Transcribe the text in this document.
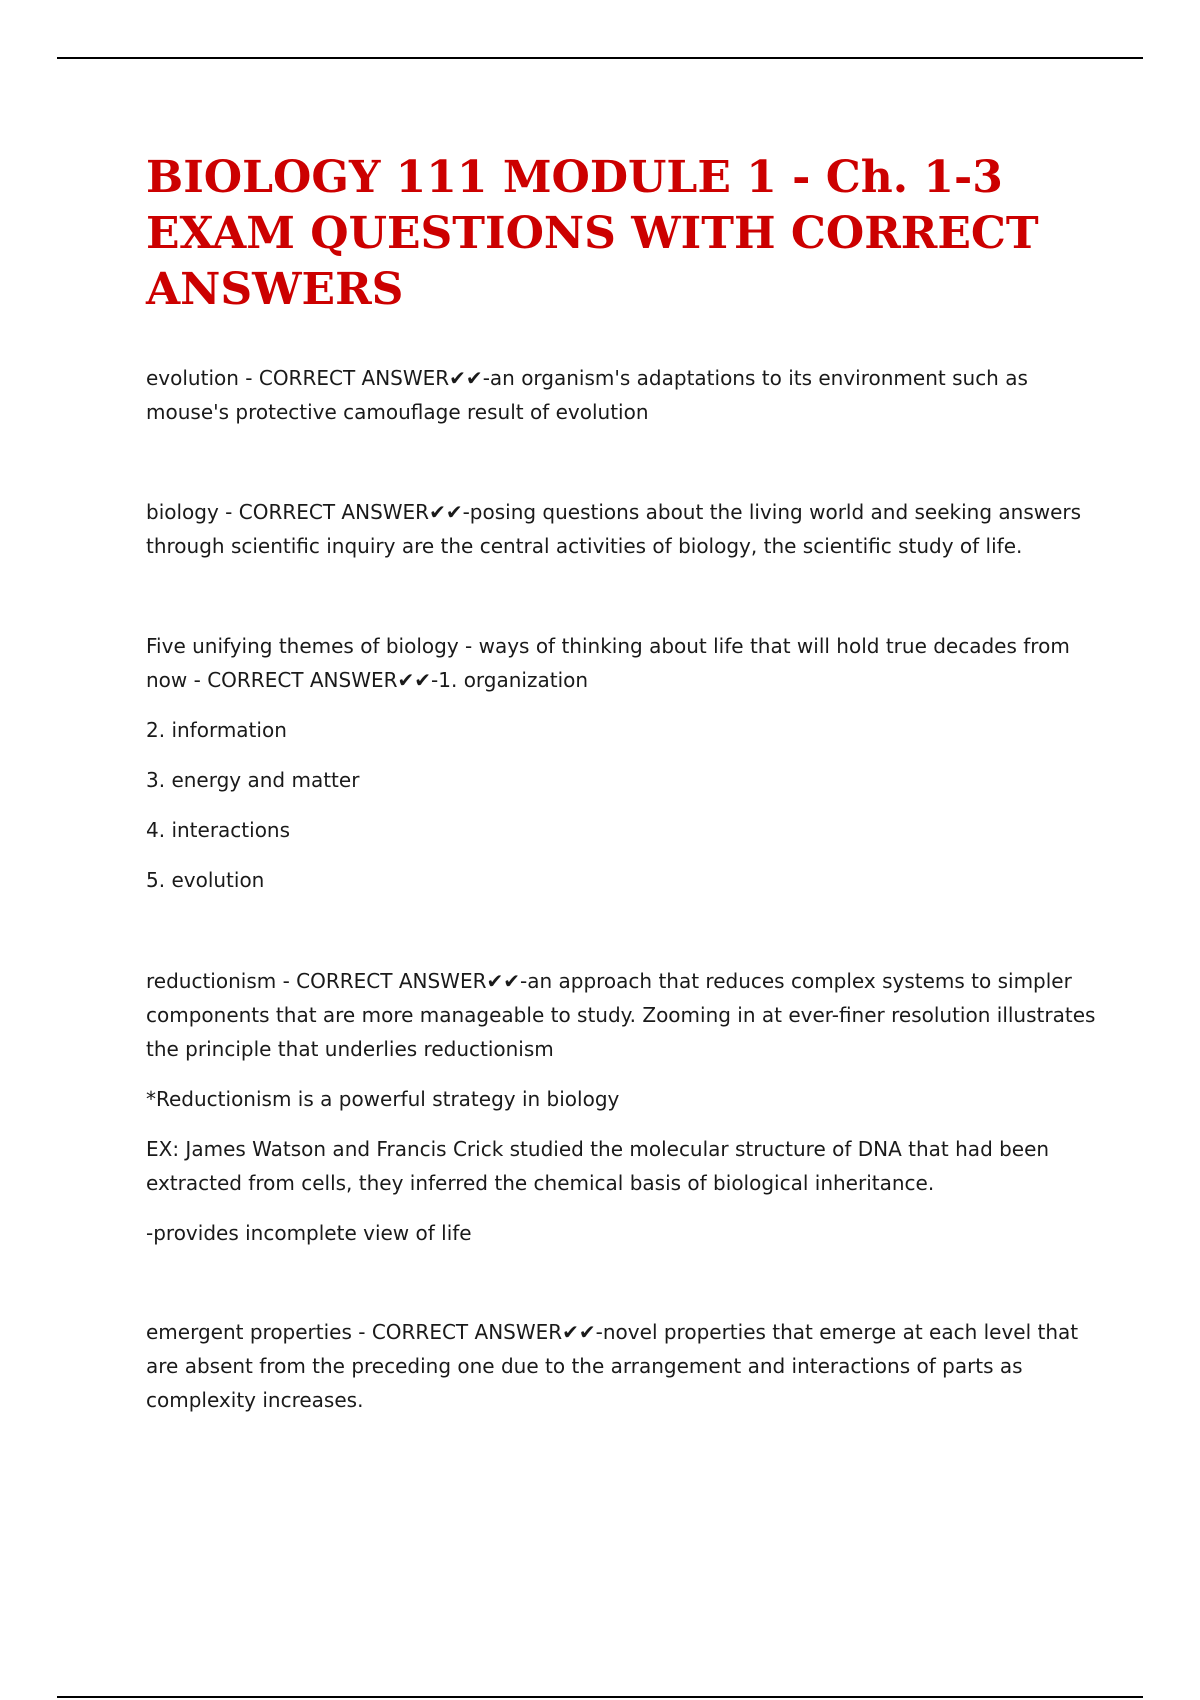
BIOLOGY 111 MODULE 1 - Ch. 1-3 EXAM QUESTIONS WITH CORRECT ANSWERS

evolution - CORRECT ANSWER✔✔-an organism's adaptations to its environment such as mouse's protective camouflage result of evolution

biology - CORRECT ANSWER✔✔-posing questions about the living world and seeking answers through scientific inquiry are the central activities of biology, the scientific study of life.

Five unifying themes of biology - ways of thinking about life that will hold true decades from now - CORRECT ANSWER✔✔-1. organization

2. information

3. energy and matter

4. interactions

5. evolution

reductionism - CORRECT ANSWER✔✔-an approach that reduces complex systems to simpler components that are more manageable to study. Zooming in at ever-finer resolution illustrates the principle that underlies reductionism

*Reductionism is a powerful strategy in biology

EX: James Watson and Francis Crick studied the molecular structure of DNA that had been extracted from cells, they inferred the chemical basis of biological inheritance.

-provides incomplete view of life

emergent properties - CORRECT ANSWER✔✔-novel properties that emerge at each level that are absent from the preceding one due to the arrangement and interactions of parts as complexity increases.
